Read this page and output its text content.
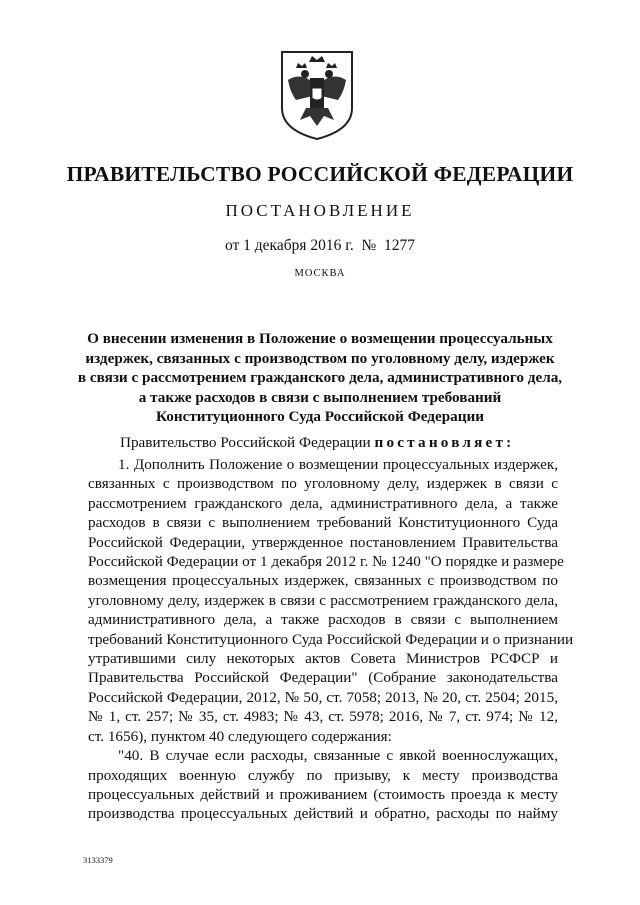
ПРАВИТЕЛЬСТВО РОССИЙСКОЙ ФЕДЕРАЦИИ
ПОСТАНОВЛЕНИЕ
от 1 декабря 2016 г.  №  1277
МОСКВА
О внесении изменения в Положение о возмещении процессуальных
издержек, связанных с производством по уголовному делу, издержек
в связи с рассмотрением гражданского дела, административного дела,
а также расходов в связи с выполнением требований
Конституционного Суда Российской Федерации

Правительство Российской Федерации постановляет:

1. Дополнить Положение о возмещении процессуальных издержек,
связанных с производством по уголовному делу, издержек в связи с
рассмотрением гражданского дела, административного дела, а также
расходов в связи с выполнением требований Конституционного Суда
Российской Федерации, утвержденное постановлением Правительства
Российской Федерации от 1 декабря 2012 г. № 1240 "О порядке и размере
возмещения процессуальных издержек, связанных с производством по
уголовному делу, издержек в связи с рассмотрением гражданского дела,
административного дела, а также расходов в связи с выполнением
требований Конституционного Суда Российской Федерации и о признании
утратившими силу некоторых актов Совета Министров РСФСР и
Правительства Российской Федерации" (Собрание законодательства
Российской Федерации, 2012, № 50, ст. 7058; 2013, № 20, ст. 2504; 2015,
№ 1, ст. 257; № 35, ст. 4983; № 43, ст. 5978; 2016, № 7, ст. 974; № 12,
ст. 1656), пунктом 40 следующего содержания:
"40. В случае если расходы, связанные с явкой военнослужащих,
проходящих военную службу по призыву, к месту производства
процессуальных действий и проживанием (стоимость проезда к месту
производства процессуальных действий и обратно, расходы по найму
3133379
